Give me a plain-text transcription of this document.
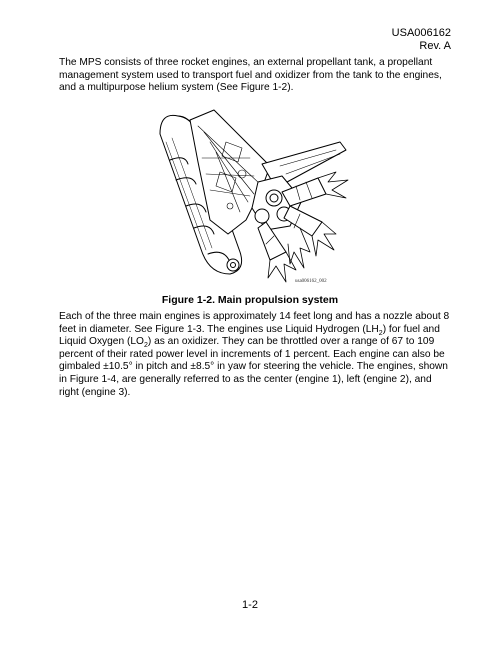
USA006162
Rev. A
The MPS consists of three rocket engines, an external propellant tank, a propellant management system used to transport fuel and oxidizer from the tank to the engines, and a multipurpose helium system (See Figure 1-2).
usa006162_002
Figure 1-2. Main propulsion system
Each of the three main engines is approximately 14 feet long and has a nozzle about 8 feet in diameter. See Figure 1-3. The engines use Liquid Hydrogen $(LH_2)$ for fuel and Liquid Oxygen $(LO_2)$ as an oxidizer. They can be throttled over a range of 67 to 109 percent of their rated power level in increments of 1 percent. Each engine can also be gimbaled ±10.5° in pitch and ±8.5° in yaw for steering the vehicle. The engines, shown in Figure 1-4, are generally referred to as the center (engine 1), left (engine 2), and right (engine 3).
1-2
